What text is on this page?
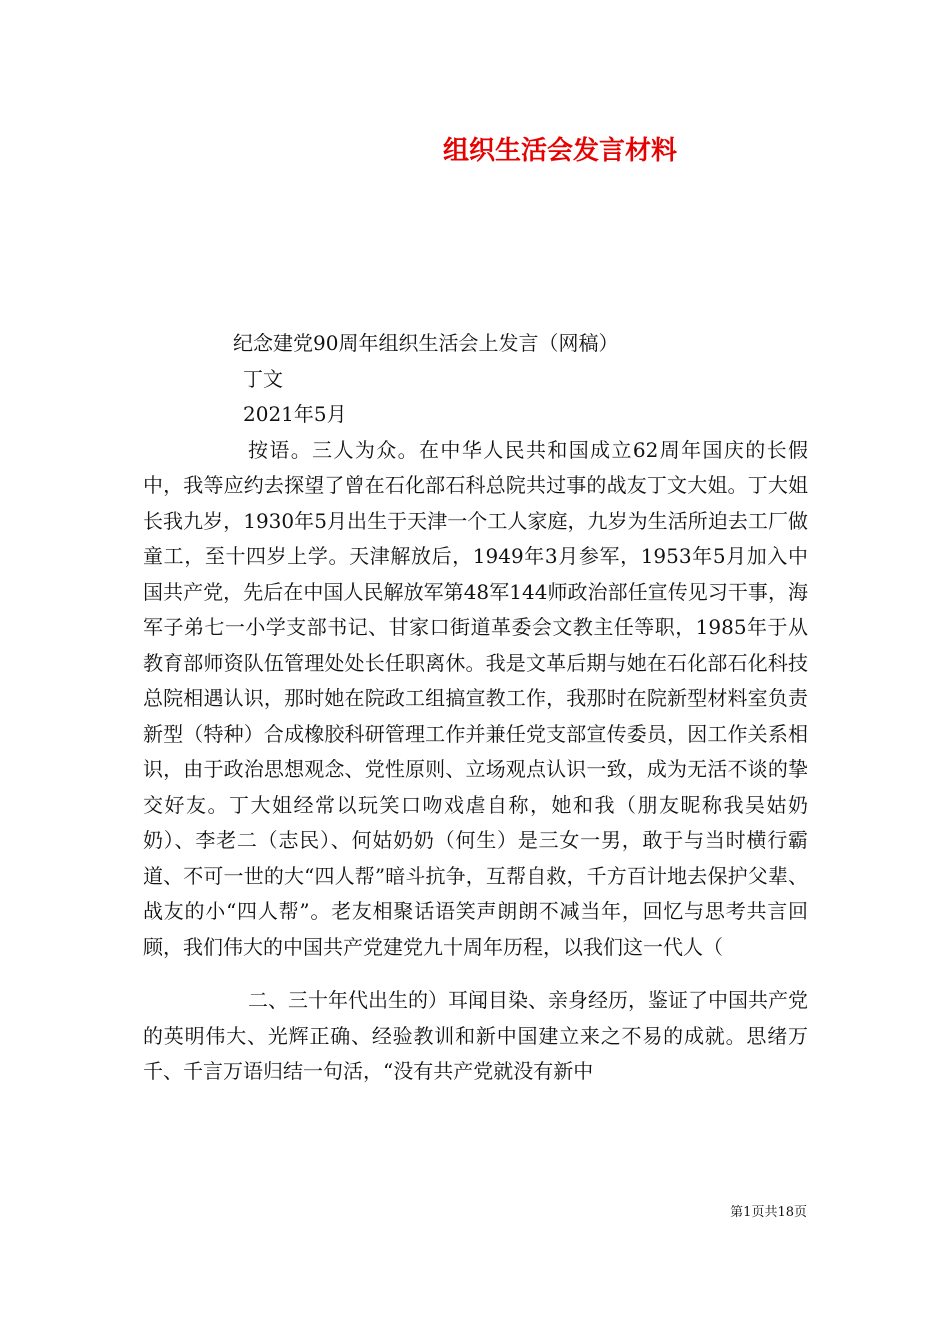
组织生活会发言材料
纪念建党90周年组织生活会上发言（网稿）
丁文
2021年5月

按语。三人为众。在中华人民共和国成立62周年国庆的长假中，我等应约去探望了曾在石化部石科总院共过事的战友丁文大姐。丁大姐长我九岁，1930年5月出生于天津一个工人家庭，九岁为生活所迫去工厂做童工，至十四岁上学。天津解放后，1949年3月参军，1953年5月加入中国共产党，先后在中国人民解放军第48军144师政治部任宣传见习干事，海军子弟七一小学支部书记、甘家口街道革委会文教主任等职，1985年于从教育部师资队伍管理处处长任职离休。我是文革后期与她在石化部石化科技总院相遇认识，那时她在院政工组搞宣教工作，我那时在院新型材料室负责新型（特种）合成橡胶科研管理工作并兼任党支部宣传委员，因工作关系相识，由于政治思想观念、党性原则、立场观点认识一致，成为无活不谈的挚交好友。丁大姐经常以玩笑口吻戏虐自称，她和我（朋友昵称我吴姑奶奶）、李老二（志民）、何姑奶奶（何生）是三女一男，敢于与当时横行霸道、不可一世的大“四人帮”暗斗抗争，互帮自救，千方百计地去保护父辈、战友的小“四人帮”。老友相聚话语笑声朗朗不减当年，回忆与思考共言回顾，我们伟大的中国共产党建党九十周年历程，以我们这一代人（

二、三十年代出生的）耳闻目染、亲身经历，鉴证了中国共产党的英明伟大、光辉正确、经验教训和新中国建立来之不易的成就。思绪万千、千言万语归结一句活，“没有共产党就没有新中

第1页共18页
